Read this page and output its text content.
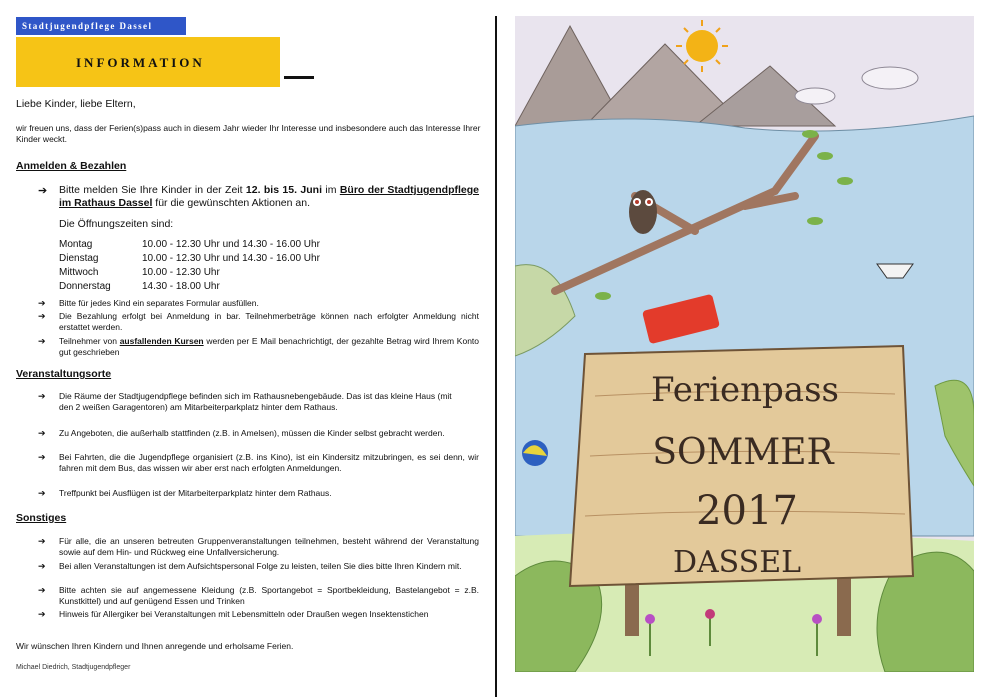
Stadtjugendpflege Dassel
INFORMATION
Liebe Kinder, liebe Eltern,
wir freuen uns, dass der Ferien(s)pass auch in diesem Jahr wieder Ihr Interesse und insbesondere auch das Interesse Ihrer Kinder weckt.
Anmelden & Bezahlen
➔ Bitte melden Sie Ihre Kinder in der Zeit 12. bis 15. Juni im Büro der Stadtjugendpflege im Rathaus Dassel für die gewünschten Aktionen an.
Die Öffnungszeiten sind:
Montag	10.00 - 12.30 Uhr und 14.30 - 16.00 Uhr
Dienstag	10.00 - 12.30 Uhr und 14.30 - 16.00 Uhr
Mittwoch	10.00 - 12.30 Uhr
Donnerstag	14.30 - 18.00 Uhr
➔ Bitte für jedes Kind ein separates Formular ausfüllen.
➔ Die Bezahlung erfolgt bei Anmeldung in bar. Teilnehmerbeträge können nach erfolgter Anmeldung nicht erstattet werden.
➔ Teilnehmer von ausfallenden Kursen werden per E Mail benachrichtigt, der gezahlte Betrag wird Ihrem Konto gut geschrieben
Veranstaltungsorte
➔ Die Räume der Stadtjugendpflege befinden sich im Rathausnebengebäude. Das ist das kleine Haus (mit den 2 weißen Garagentoren) am Mitarbeiterparkplatz hinter dem Rathaus.
➔ Zu Angeboten, die außerhalb stattfinden (z.B. in Amelsen), müssen die Kinder selbst gebracht werden.
➔ Bei Fahrten, die die Jugendpflege organisiert (z.B. ins Kino), ist ein Kindersitz mitzubringen, es sei denn, wir fahren mit dem Bus, das wissen wir aber erst nach erfolgten Anmeldungen.
➔ Treffpunkt bei Ausflügen ist der Mitarbeiterparkplatz hinter dem Rathaus.
Sonstiges
➔ Für alle, die an unseren betreuten Gruppenveranstaltungen teilnehmen, besteht während der Veranstaltung sowie auf dem Hin- und Rückweg eine Unfallversicherung.
➔ Bei allen Veranstaltungen ist dem Aufsichtspersonal Folge zu leisten, teilen Sie dies bitte Ihren Kindern mit.
➔ Bitte achten sie auf angemessene Kleidung (z.B. Sportangebot = Sportbekleidung, Bastelangebot = z.B. Kunstkittel) und auf genügend Essen und Trinken
➔ Hinweis für Allergiker bei Veranstaltungen mit Lebensmitteln oder Draußen wegen Insektenstichen
Wir wünschen Ihren Kindern und Ihnen anregende und erholsame Ferien.
Michael Diedrich, Stadtjugendpfleger
Ferienpass
SOMMER
2017
DASSEL
